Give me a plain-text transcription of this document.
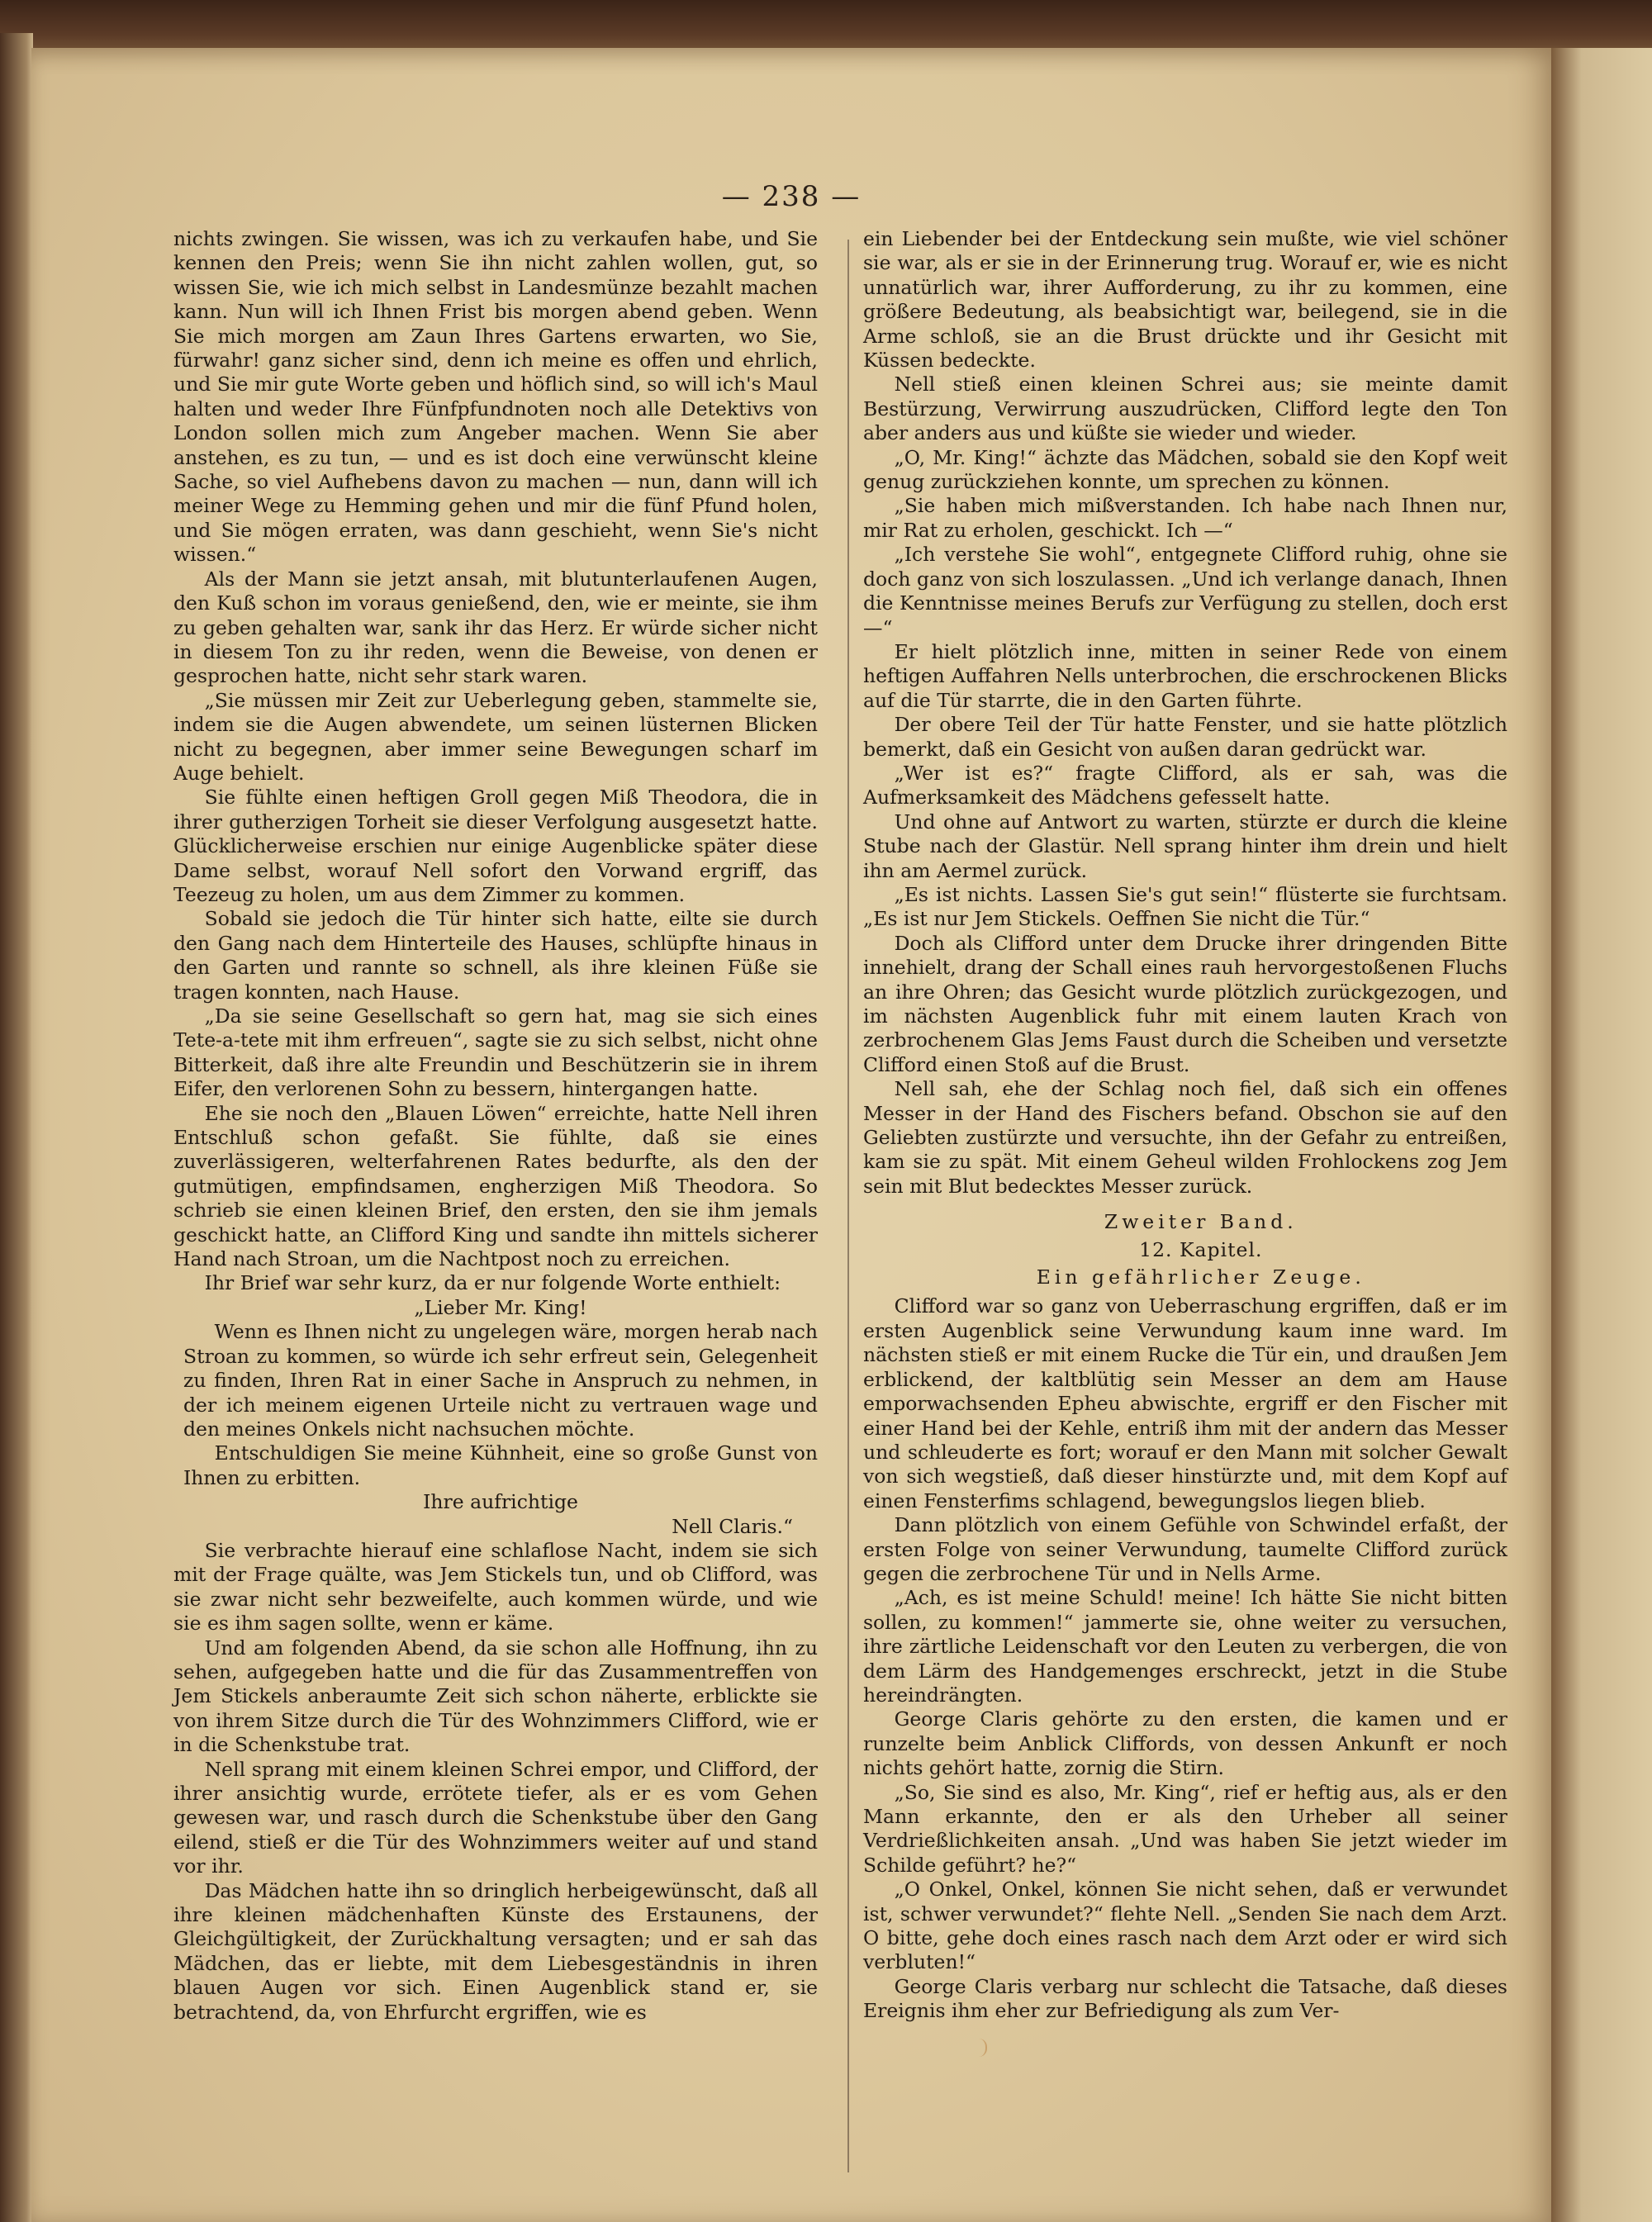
— 238 —

nichts zwingen. Sie wissen, was ich zu verkaufen habe, und Sie kennen den Preis; wenn Sie ihn nicht zahlen wollen, gut, so wissen Sie, wie ich mich selbst in Landesmünze bezahlt machen kann. Nun will ich Ihnen Frist bis morgen abend geben. Wenn Sie mich morgen am Zaun Ihres Gartens erwarten, wo Sie, fürwahr! ganz sicher sind, denn ich meine es offen und ehrlich, und Sie mir gute Worte geben und höflich sind, so will ich's Maul halten und weder Ihre Fünfpfundnoten noch alle Detektivs von London sollen mich zum Angeber machen. Wenn Sie aber anstehen, es zu tun, — und es ist doch eine verwünscht kleine Sache, so viel Aufhebens davon zu machen — nun, dann will ich meiner Wege zu Hemming gehen und mir die fünf Pfund holen, und Sie mögen erraten, was dann geschieht, wenn Sie's nicht wissen.“

Als der Mann sie jetzt ansah, mit blutunterlaufenen Augen, den Kuß schon im voraus genießend, den, wie er meinte, sie ihm zu geben gehalten war, sank ihr das Herz. Er würde sicher nicht in diesem Ton zu ihr reden, wenn die Beweise, von denen er gesprochen hatte, nicht sehr stark waren.

„Sie müssen mir Zeit zur Ueberlegung geben, stammelte sie, indem sie die Augen abwendete, um seinen lüsternen Blicken nicht zu begegnen, aber immer seine Bewegungen scharf im Auge behielt.

Sie fühlte einen heftigen Groll gegen Miß Theodora, die in ihrer gutherzigen Torheit sie dieser Verfolgung ausgesetzt hatte. Glücklicherweise erschien nur einige Augenblicke später diese Dame selbst, worauf Nell sofort den Vorwand ergriff, das Teezeug zu holen, um aus dem Zimmer zu kommen.

Sobald sie jedoch die Tür hinter sich hatte, eilte sie durch den Gang nach dem Hinterteile des Hauses, schlüpfte hinaus in den Garten und rannte so schnell, als ihre kleinen Füße sie tragen konnten, nach Hause.

„Da sie seine Gesellschaft so gern hat, mag sie sich eines Tete-a-tete mit ihm erfreuen“, sagte sie zu sich selbst, nicht ohne Bitterkeit, daß ihre alte Freundin und Beschützerin sie in ihrem Eifer, den verlorenen Sohn zu bessern, hintergangen hatte.

Ehe sie noch den „Blauen Löwen“ erreichte, hatte Nell ihren Entschluß schon gefaßt. Sie fühlte, daß sie eines zuverlässigeren, welterfahrenen Rates bedurfte, als den der gutmütigen, empfindsamen, engherzigen Miß Theodora. So schrieb sie einen kleinen Brief, den ersten, den sie ihm jemals geschickt hatte, an Clifford King und sandte ihn mittels sicherer Hand nach Stroan, um die Nachtpost noch zu erreichen.

Ihr Brief war sehr kurz, da er nur folgende Worte enthielt:

„Lieber Mr. King!

Wenn es Ihnen nicht zu ungelegen wäre, morgen herab nach Stroan zu kommen, so würde ich sehr erfreut sein, Gelegenheit zu finden, Ihren Rat in einer Sache in Anspruch zu nehmen, in der ich meinem eigenen Urteile nicht zu vertrauen wage und den meines Onkels nicht nachsuchen möchte.

Entschuldigen Sie meine Kühnheit, eine so große Gunst von Ihnen zu erbitten.

Ihre aufrichtige

Nell Claris.“

Sie verbrachte hierauf eine schlaflose Nacht, indem sie sich mit der Frage quälte, was Jem Stickels tun, und ob Clifford, was sie zwar nicht sehr bezweifelte, auch kommen würde, und wie sie es ihm sagen sollte, wenn er käme.

Und am folgenden Abend, da sie schon alle Hoffnung, ihn zu sehen, aufgegeben hatte und die für das Zusammentreffen von Jem Stickels anberaumte Zeit sich schon näherte, erblickte sie von ihrem Sitze durch die Tür des Wohnzimmers Clifford, wie er in die Schenkstube trat.

Nell sprang mit einem kleinen Schrei empor, und Clifford, der ihrer ansichtig wurde, errötete tiefer, als er es vom Gehen gewesen war, und rasch durch die Schenkstube über den Gang eilend, stieß er die Tür des Wohnzimmers weiter auf und stand vor ihr.

Das Mädchen hatte ihn so dringlich herbeigewünscht, daß all ihre kleinen mädchenhaften Künste des Erstaunens, der Gleichgültigkeit, der Zurückhaltung versagten; und er sah das Mädchen, das er liebte, mit dem Liebesgeständnis in ihren blauen Augen vor sich. Einen Augenblick stand er, sie betrachtend, da, von Ehrfurcht ergriffen, wie es

ein Liebender bei der Entdeckung sein mußte, wie viel schöner sie war, als er sie in der Erinnerung trug. Worauf er, wie es nicht unnatürlich war, ihrer Aufforderung, zu ihr zu kommen, eine größere Bedeutung, als beabsichtigt war, beilegend, sie in die Arme schloß, sie an die Brust drückte und ihr Gesicht mit Küssen bedeckte.

Nell stieß einen kleinen Schrei aus; sie meinte damit Bestürzung, Verwirrung auszudrücken, Clifford legte den Ton aber anders aus und küßte sie wieder und wieder.

„O, Mr. King!“ ächzte das Mädchen, sobald sie den Kopf weit genug zurückziehen konnte, um sprechen zu können.

„Sie haben mich mißverstanden. Ich habe nach Ihnen nur, mir Rat zu erholen, geschickt. Ich —“

„Ich verstehe Sie wohl“, entgegnete Clifford ruhig, ohne sie doch ganz von sich loszulassen. „Und ich verlange danach, Ihnen die Kenntnisse meines Berufs zur Verfügung zu stellen, doch erst —“

Er hielt plötzlich inne, mitten in seiner Rede von einem heftigen Auffahren Nells unterbrochen, die erschrockenen Blicks auf die Tür starrte, die in den Garten führte.

Der obere Teil der Tür hatte Fenster, und sie hatte plötzlich bemerkt, daß ein Gesicht von außen daran gedrückt war.

„Wer ist es?“ fragte Clifford, als er sah, was die Aufmerksamkeit des Mädchens gefesselt hatte.

Und ohne auf Antwort zu warten, stürzte er durch die kleine Stube nach der Glastür. Nell sprang hinter ihm drein und hielt ihn am Aermel zurück.

„Es ist nichts. Lassen Sie's gut sein!“ flüsterte sie furchtsam. „Es ist nur Jem Stickels. Oeffnen Sie nicht die Tür.“

Doch als Clifford unter dem Drucke ihrer dringenden Bitte innehielt, drang der Schall eines rauh hervorgestoßenen Fluchs an ihre Ohren; das Gesicht wurde plötzlich zurückgezogen, und im nächsten Augenblick fuhr mit einem lauten Krach von zerbrochenem Glas Jems Faust durch die Scheiben und versetzte Clifford einen Stoß auf die Brust.

Nell sah, ehe der Schlag noch fiel, daß sich ein offenes Messer in der Hand des Fischers befand. Obschon sie auf den Geliebten zustürzte und versuchte, ihn der Gefahr zu entreißen, kam sie zu spät. Mit einem Geheul wilden Frohlockens zog Jem sein mit Blut bedecktes Messer zurück.

Zweiter Band.

12. Kapitel.

Ein gefährlicher Zeuge.

Clifford war so ganz von Ueberraschung ergriffen, daß er im ersten Augenblick seine Verwundung kaum inne ward. Im nächsten stieß er mit einem Rucke die Tür ein, und draußen Jem erblickend, der kaltblütig sein Messer an dem am Hause emporwachsenden Epheu abwischte, ergriff er den Fischer mit einer Hand bei der Kehle, entriß ihm mit der andern das Messer und schleuderte es fort; worauf er den Mann mit solcher Gewalt von sich wegstieß, daß dieser hinstürzte und, mit dem Kopf auf einen Fensterfims schlagend, bewegungslos liegen blieb.

Dann plötzlich von einem Gefühle von Schwindel erfaßt, der ersten Folge von seiner Verwundung, taumelte Clifford zurück gegen die zerbrochene Tür und in Nells Arme.

„Ach, es ist meine Schuld! meine! Ich hätte Sie nicht bitten sollen, zu kommen!“ jammerte sie, ohne weiter zu versuchen, ihre zärtliche Leidenschaft vor den Leuten zu verbergen, die von dem Lärm des Handgemenges erschreckt, jetzt in die Stube hereindrängten.

George Claris gehörte zu den ersten, die kamen und er runzelte beim Anblick Cliffords, von dessen Ankunft er noch nichts gehört hatte, zornig die Stirn.

„So, Sie sind es also, Mr. King“, rief er heftig aus, als er den Mann erkannte, den er als den Urheber all seiner Verdrießlichkeiten ansah. „Und was haben Sie jetzt wieder im Schilde geführt? he?“

„O Onkel, Onkel, können Sie nicht sehen, daß er verwundet ist, schwer verwundet?“ flehte Nell. „Senden Sie nach dem Arzt. O bitte, gehe doch eines rasch nach dem Arzt oder er wird sich verbluten!“

George Claris verbarg nur schlecht die Tatsache, daß dieses Ereignis ihm eher zur Befriedigung als zum Ver-
